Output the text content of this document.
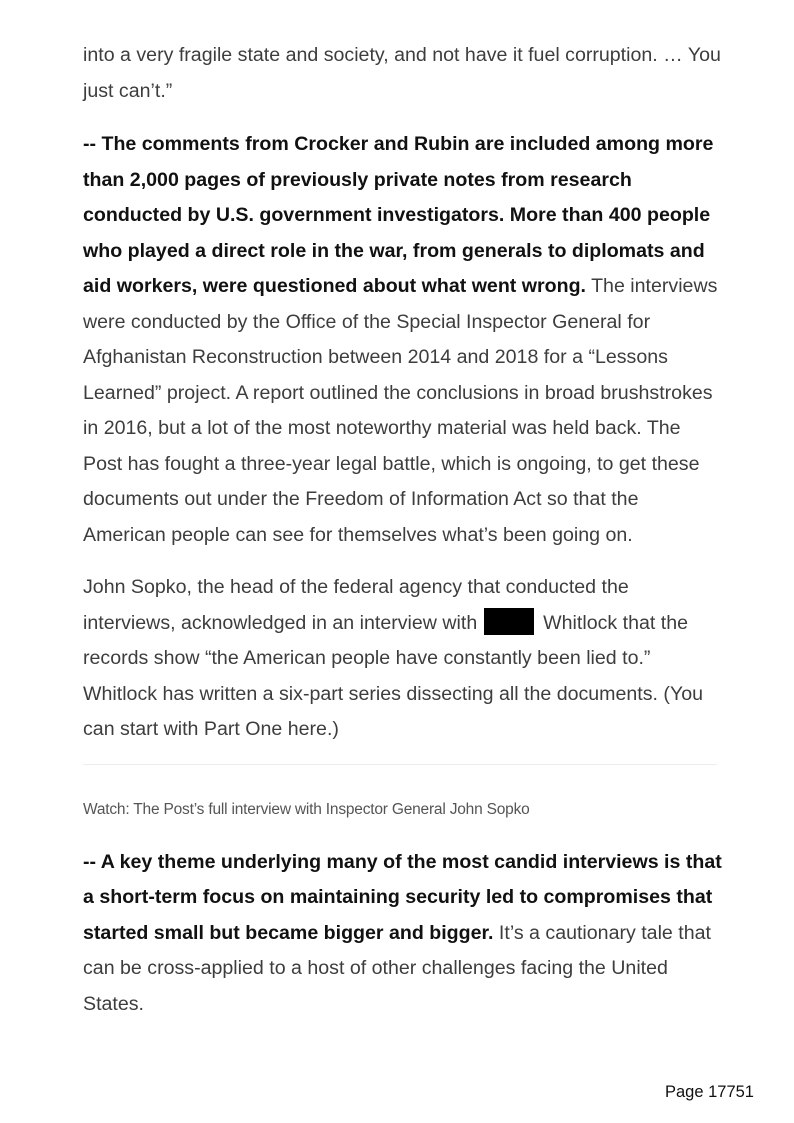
into a very fragile state and society, and not have it fuel corruption. … You just can’t.”

-- The comments from Crocker and Rubin are included among more than 2,000 pages of previously private notes from research conducted by U.S. government investigators. More than 400 people who played a direct role in the war, from generals to diplomats and aid workers, were questioned about what went wrong. The interviews were conducted by the Office of the Special Inspector General for Afghanistan Reconstruction between 2014 and 2018 for a “Lessons Learned” project. A report outlined the conclusions in broad brushstrokes in 2016, but a lot of the most noteworthy material was held back. The Post has fought a three-year legal battle, which is ongoing, to get these documents out under the Freedom of Information Act so that the American people can see for themselves what’s been going on.

John Sopko, the head of the federal agency that conducted the interviews, acknowledged in an interview with	Whitlock that the records show “the American people have constantly been lied to.” Whitlock has written a six-part series dissecting all the documents. (You can start with Part One here.)

Watch: The Post’s full interview with Inspector General John Sopko

-- A key theme underlying many of the most candid interviews is that a short-term focus on maintaining security led to compromises that started small but became bigger and bigger. It’s a cautionary tale that can be cross-applied to a host of other challenges facing the United States.

Page 17751
